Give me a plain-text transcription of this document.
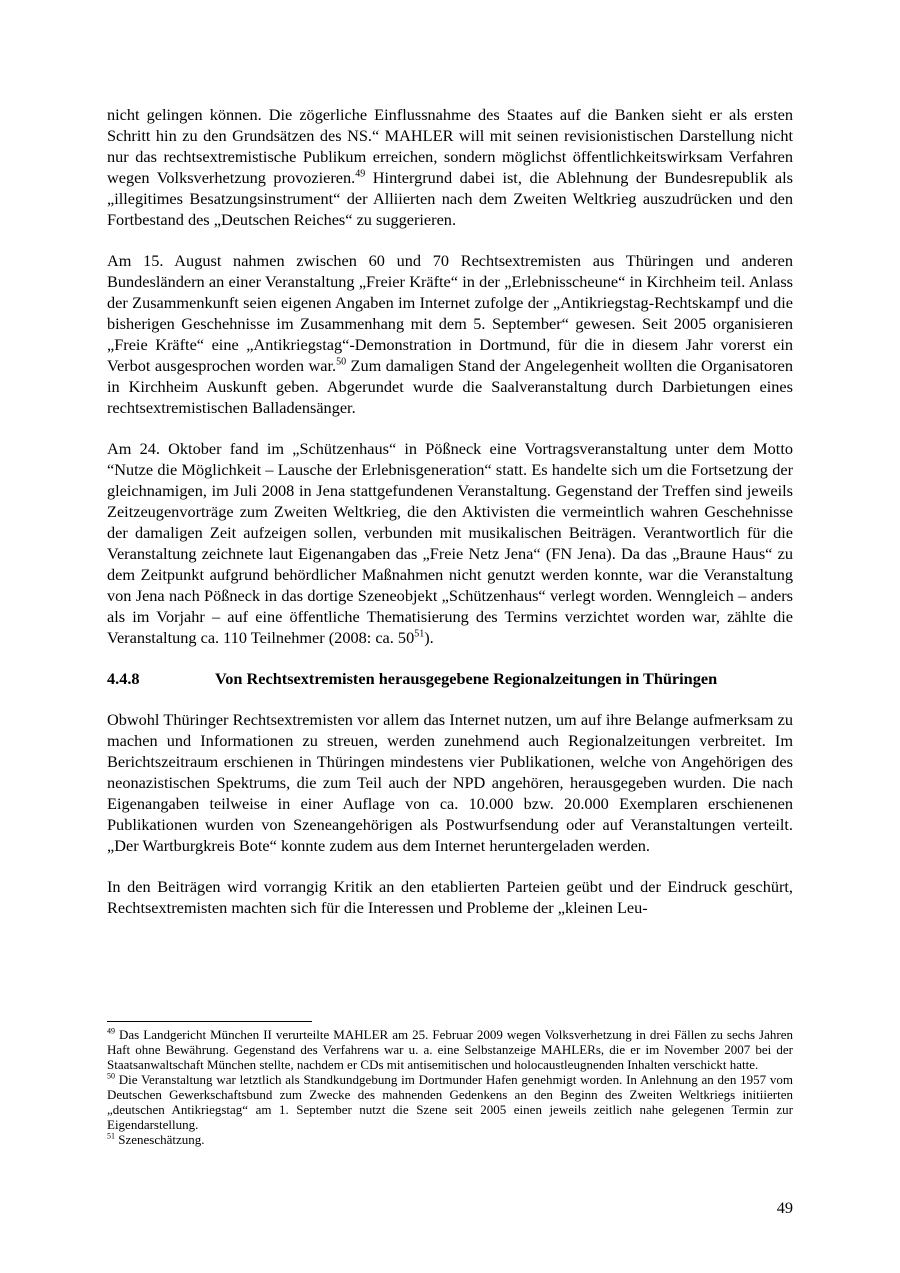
nicht gelingen können. Die zögerliche Einflussnahme des Staates auf die Banken sieht er als ersten Schritt hin zu den Grundsätzen des NS.“ MAHLER will mit seinen revisionistischen Darstellung nicht nur das rechtsextremistische Publikum erreichen, sondern möglichst öffentlichkeitswirksam Verfahren wegen Volksverhetzung provozieren.$^{49}$ Hintergrund dabei ist, die Ablehnung der Bundesrepublik als „illegitimes Besatzungsinstrument“ der Alliierten nach dem Zweiten Weltkrieg auszudrücken und den Fortbestand des „Deutschen Reiches“ zu suggerieren.

Am 15. August nahmen zwischen 60 und 70 Rechtsextremisten aus Thüringen und anderen Bundesländern an einer Veranstaltung „Freier Kräfte“ in der „Erlebnisscheune“ in Kirchheim teil. Anlass der Zusammenkunft seien eigenen Angaben im Internet zufolge der „Antikriegstag-Rechtskampf und die bisherigen Geschehnisse im Zusammenhang mit dem 5. September“ gewesen. Seit 2005 organisieren „Freie Kräfte“ eine „Antikriegstag“-Demonstration in Dortmund, für die in diesem Jahr vorerst ein Verbot ausgesprochen worden war.$^{50}$ Zum damaligen Stand der Angelegenheit wollten die Organisatoren in Kirchheim Auskunft geben. Abgerundet wurde die Saalveranstaltung durch Darbietungen eines rechtsextremistischen Balladensänger.

Am 24. Oktober fand im „Schützenhaus“ in Pößneck eine Vortragsveranstaltung unter dem Motto “Nutze die Möglichkeit – Lausche der Erlebnisgeneration“ statt. Es handelte sich um die Fortsetzung der gleichnamigen, im Juli 2008 in Jena stattgefundenen Veranstaltung. Gegenstand der Treffen sind jeweils Zeitzeugenvorträge zum Zweiten Weltkrieg, die den Aktivisten die vermeintlich wahren Geschehnisse der damaligen Zeit aufzeigen sollen, verbunden mit musikalischen Beiträgen. Verantwortlich für die Veranstaltung zeichnete laut Eigenangaben das „Freie Netz Jena“ (FN Jena). Da das „Braune Haus“ zu dem Zeitpunkt aufgrund behördlicher Maßnahmen nicht genutzt werden konnte, war die Veranstaltung von Jena nach Pößneck in das dortige Szeneobjekt „Schützenhaus“ verlegt worden. Wenngleich – anders als im Vorjahr – auf eine öffentliche Thematisierung des Termins verzichtet worden war, zählte die Veranstaltung ca. 110 Teilnehmer (2008: ca. $50^{51}$).

4.4.8	Von Rechtsextremisten herausgegebene Regionalzeitungen in Thüringen

Obwohl Thüringer Rechtsextremisten vor allem das Internet nutzen, um auf ihre Belange aufmerksam zu machen und Informationen zu streuen, werden zunehmend auch Regionalzeitungen verbreitet. Im Berichtszeitraum erschienen in Thüringen mindestens vier Publikationen, welche von Angehörigen des neonazistischen Spektrums, die zum Teil auch der NPD angehören, herausgegeben wurden. Die nach Eigenangaben teilweise in einer Auflage von ca. 10.000 bzw. 20.000 Exemplaren erschienenen Publikationen wurden von Szeneangehörigen als Postwurfsendung oder auf Veranstaltungen verteilt. „Der Wartburgkreis Bote“ konnte zudem aus dem Internet heruntergeladen werden.

In den Beiträgen wird vorrangig Kritik an den etablierten Parteien geübt und der Eindruck geschürt, Rechtsextremisten machten sich für die Interessen und Probleme der „kleinen Leu-

$^{49}$ Das Landgericht München II verurteilte MAHLER am 25. Februar 2009 wegen Volksverhetzung in drei Fällen zu sechs Jahren Haft ohne Bewährung. Gegenstand des Verfahrens war u. a. eine Selbstanzeige MAHLERs, die er im November 2007 bei der Staatsanwaltschaft München stellte, nachdem er CDs mit antisemitischen und holocaustleugnenden Inhalten verschickt hatte.

$^{50}$ Die Veranstaltung war letztlich als Standkundgebung im Dortmunder Hafen genehmigt worden. In Anlehnung an den 1957 vom Deutschen Gewerkschaftsbund zum Zwecke des mahnenden Gedenkens an den Beginn des Zweiten Weltkriegs initiierten „deutschen Antikriegstag“ am 1. September nutzt die Szene seit 2005 einen jeweils zeitlich nahe gelegenen Termin zur Eigendarstellung.

$^{51}$ Szeneschätzung.

49
